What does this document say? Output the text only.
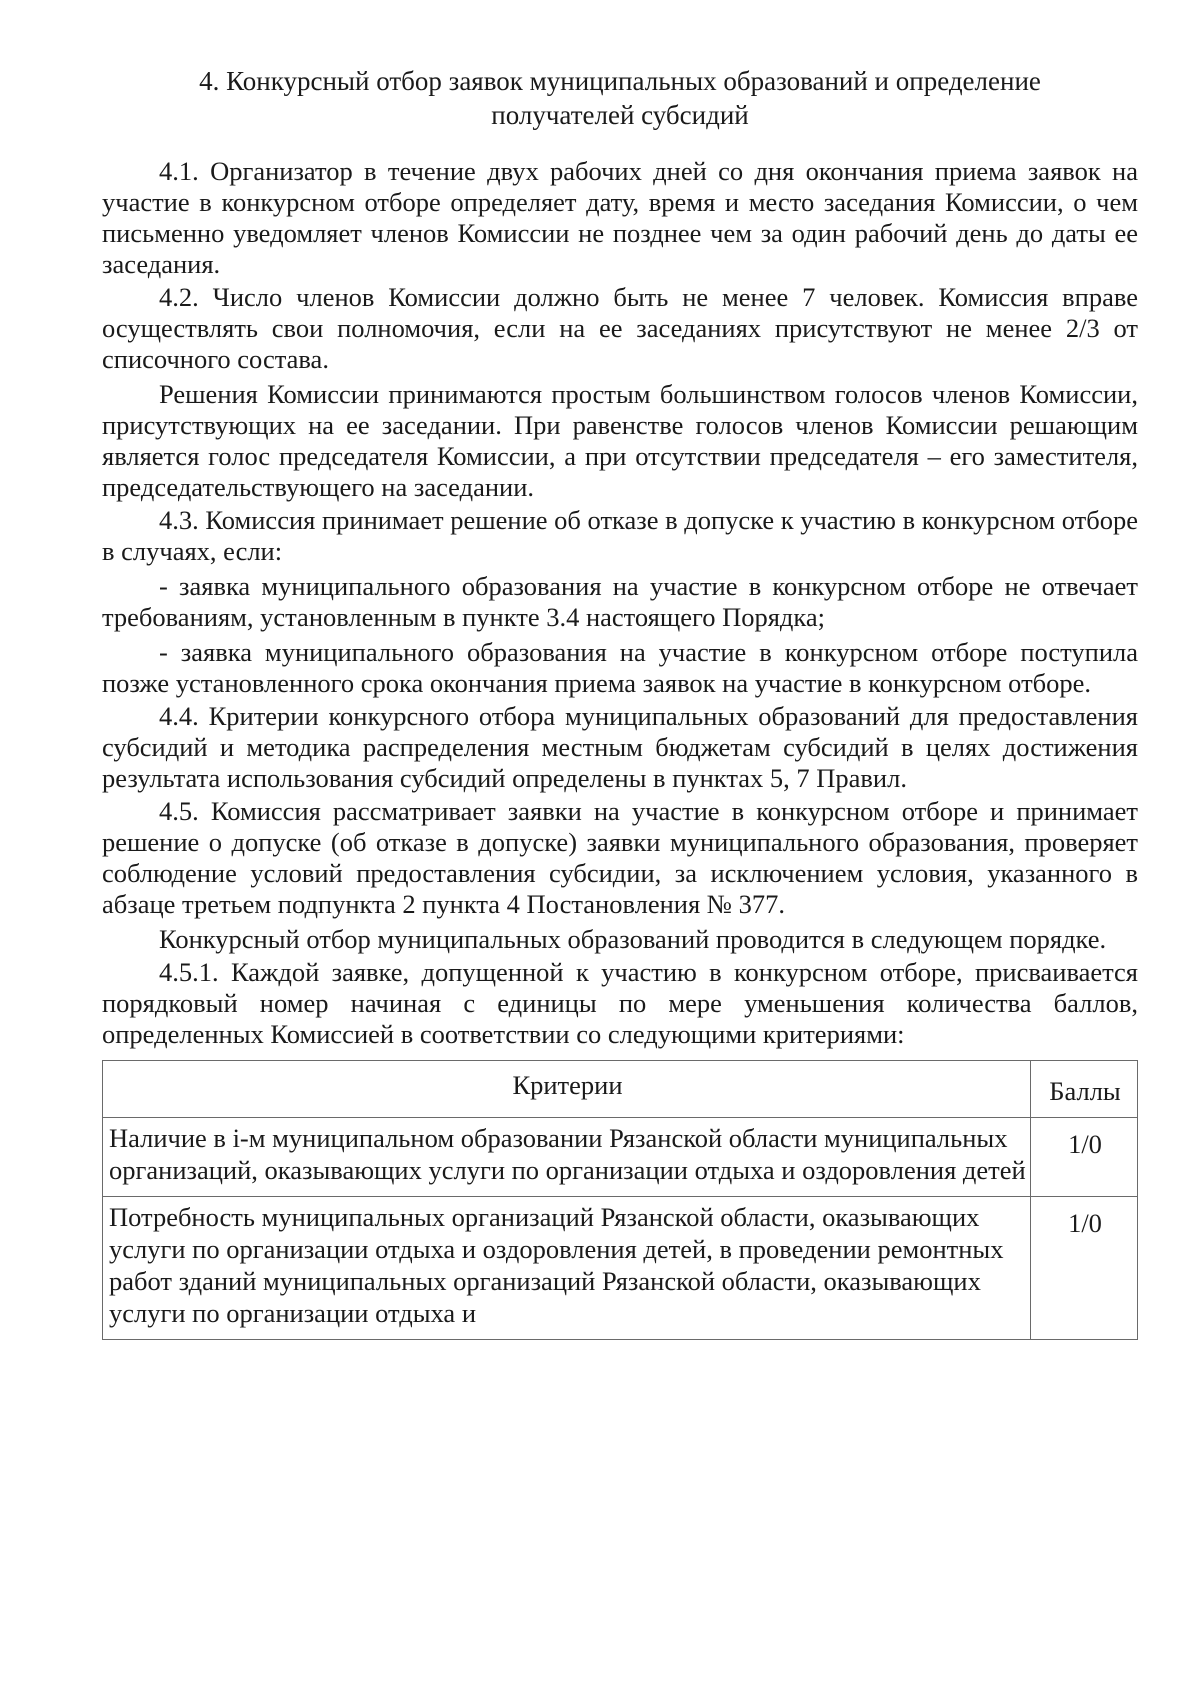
4. Конкурсный отбор заявок муниципальных образований и определение
получателей субсидий

4.1. Организатор в течение двух рабочих дней со дня окончания приема заявок на участие в конкурсном отборе определяет дату, время и место заседания Комиссии, о чем письменно уведомляет членов Комиссии не позднее чем за один рабочий день до даты ее заседания.

4.2. Число членов Комиссии должно быть не менее 7 человек. Комиссия вправе осуществлять свои полномочия, если на ее заседаниях присутствуют не менее 2/3 от списочного состава.

Решения Комиссии принимаются простым большинством голосов членов Комиссии, присутствующих на ее заседании. При равенстве голосов членов Комиссии решающим является голос председателя Комиссии, а при отсутствии председателя – его заместителя, председательствующего на заседании.

4.3. Комиссия принимает решение об отказе в допуске к участию в конкурсном отборе в случаях, если:

- заявка муниципального образования на участие в конкурсном отборе не отвечает требованиям, установленным в пункте 3.4 настоящего Порядка;

- заявка муниципального образования на участие в конкурсном отборе поступила позже установленного срока окончания приема заявок на участие в конкурсном отборе.

4.4. Критерии конкурсного отбора муниципальных образований для предоставления субсидий и методика распределения местным бюджетам субсидий в целях достижения результата использования субсидий определены в пунктах 5, 7 Правил.

4.5. Комиссия рассматривает заявки на участие в конкурсном отборе и принимает решение о допуске (об отказе в допуске) заявки муниципального образования, проверяет соблюдение условий предоставления субсидии, за исключением условия, указанного в абзаце третьем подпункта 2 пункта 4 Постановления № 377.

Конкурсный отбор муниципальных образований проводится в следующем порядке.

4.5.1. Каждой заявке, допущенной к участию в конкурсном отборе, присваивается порядковый номер начиная с единицы по мере уменьшения количества баллов, определенных Комиссией в соответствии со следующими критериями:

Критерии	Баллы
Наличие в i-м муниципальном образовании Рязанской области муниципальных организаций, оказывающих услуги по организации отдыха и оздоровления детей	1/0
Потребность муниципальных организаций Рязанской области, оказывающих услуги по организации отдыха и оздоровления детей, в проведении ремонтных работ зданий муниципальных организаций Рязанской области, оказывающих услуги по организации отдыха и	1/0
